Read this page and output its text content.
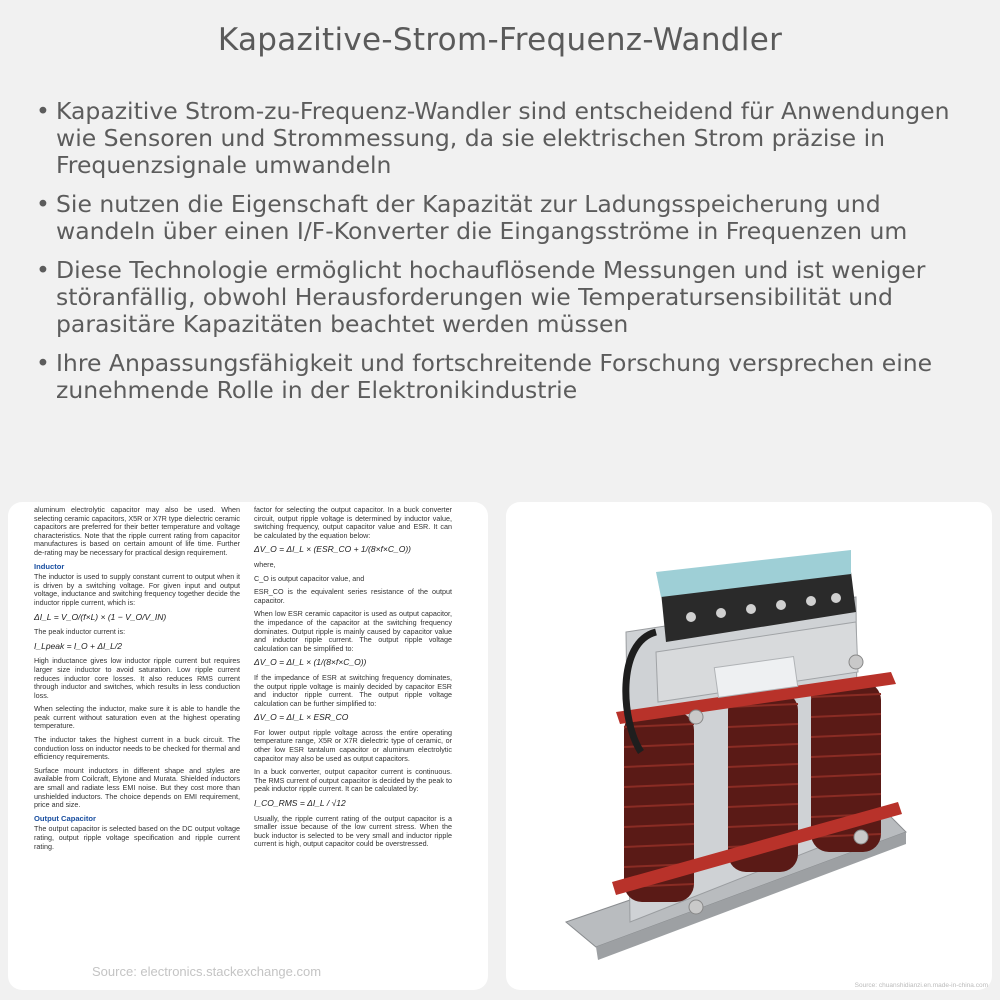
Kapazitive-Strom-Frequenz-Wandler
• Kapazitive Strom-zu-Frequenz-Wandler sind entscheidend für Anwendungen wie Sensoren und Strommessung, da sie elektrischen Strom präzise in Frequenzsignale umwandeln
• Sie nutzen die Eigenschaft der Kapazität zur Ladungsspeicherung und wandeln über einen I/F-Konverter die Eingangsströme in Frequenzen um
• Diese Technologie ermöglicht hochauflösende Messungen und ist weniger störanfällig, obwohl Herausforderungen wie Temperatursensibilität und parasitäre Kapazitäten beachtet werden müssen
• Ihre Anpassungsfähigkeit und fortschreitende Forschung versprechen eine zunehmende Rolle in der Elektronikindustrie

aluminum electrolytic capacitor may also be used. When selecting ceramic capacitors, X5R or X7R type dielectric ceramic capacitors are preferred for their better temperature and voltage characteristics. Note that the ripple current rating from capacitor manufactures is based on certain amount of life time. Further de-rating may be necessary for practical design requirement.

Inductor

The inductor is used to supply constant current to output when it is driven by a switching voltage. For given input and output voltage, inductance and switching frequency together decide the inductor ripple current, which is:

ΔI_L = V_O/(f×L) × (1 − V_O/V_IN)

The peak inductor current is:

I_Lpeak = I_O + ΔI_L/2

High inductance gives low inductor ripple current but requires larger size inductor to avoid saturation. Low ripple current reduces inductor core losses. It also reduces RMS current through inductor and switches, which results in less conduction loss.

When selecting the inductor, make sure it is able to handle the peak current without saturation even at the highest operating temperature.

The inductor takes the highest current in a buck circuit. The conduction loss on inductor needs to be checked for thermal and efficiency requirements.

Surface mount inductors in different shape and styles are available from Coilcraft, Elytone and Murata. Shielded inductors are small and radiate less EMI noise. But they cost more than unshielded inductors. The choice depends on EMI requirement, price and size.

Output Capacitor

The output capacitor is selected based on the DC output voltage rating, output ripple voltage specification and ripple current rating.

factor for selecting the output capacitor. In a buck converter circuit, output ripple voltage is determined by inductor value, switching frequency, output capacitor value and ESR. It can be calculated by the equation below:

ΔV_O = ΔI_L × (ESR_CO + 1/(8×f×C_O))

where,

C_O is output capacitor value, and

ESR_CO is the equivalent series resistance of the output capacitor.

When low ESR ceramic capacitor is used as output capacitor, the impedance of the capacitor at the switching frequency dominates. Output ripple is mainly caused by capacitor value and inductor ripple current. The output ripple voltage calculation can be simplified to:

ΔV_O = ΔI_L × (1/(8×f×C_O))

If the impedance of ESR at switching frequency dominates, the output ripple voltage is mainly decided by capacitor ESR and inductor ripple current. The output ripple voltage calculation can be further simplified to:

ΔV_O = ΔI_L × ESR_CO

For lower output ripple voltage across the entire operating temperature range, X5R or X7R dielectric type of ceramic, or other low ESR tantalum capacitor or aluminum electrolytic capacitor may also be used as output capacitors.

In a buck converter, output capacitor current is continuous. The RMS current of output capacitor is decided by the peak to peak inductor ripple current. It can be calculated by:

I_CO_RMS = ΔI_L / √12

Usually, the ripple current rating of the output capacitor is a smaller issue because of the low current stress. When the buck inductor is selected to be very small and inductor ripple current is high, output capacitor could be overstressed.

Source: electronics.stackexchange.com
Source: chuanshidianzi.en.made-in-china.com
